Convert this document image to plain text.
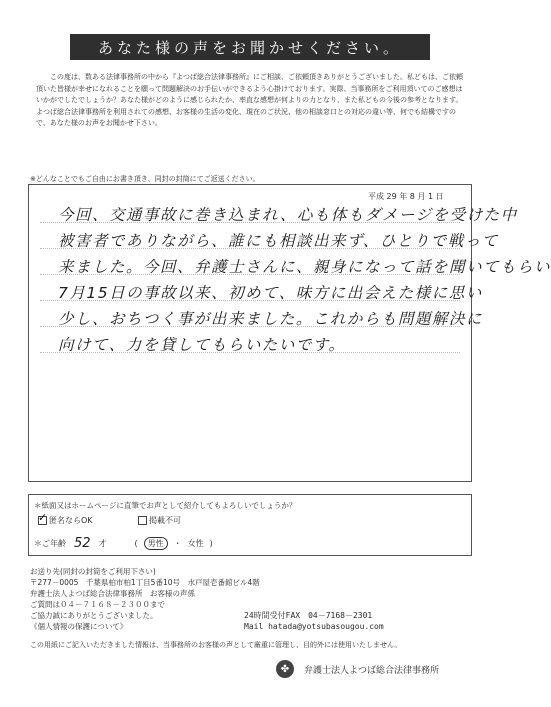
あなた様の声をお聞かせください。
この度は、数ある法律事務所の中から『よつば総合法律事務所』にご相談、ご依頼頂きありがとうございました。私どもは、ご依頼頂いた皆様が幸せになれることを願って問題解決のお手伝いができるよう心掛けております。実際、当事務所をご利用頂いてのご感想はいかがでしたでしょうか？あなた様がどのように感じられたか、率直な感想が何よりの力となり、また私どもの今後の参考となります。よつば総合法律事務所を利用されての感想、お客様の生活の変化、現在のご状況、他の相談窓口との対応の違い等、何でも結構ですので、あなた様のお声をお聞かせ下さい。
※どんなことでもご自由にお書き頂き、同封の封筒にてご返送ください。
平成 29 年 8 月 1 日
今回、交通事故に巻き込まれ、心も体もダメージを受けた中
被害者でありながら、誰にも相談出来ず、ひとりで戦って
来ました。今回、弁護士さんに、親身になって話を聞いてもらい
7月15日の事故以来、初めて、味方に出会えた様に思い
少し、おちつく事が出来ました。これからも問題解決に
向けて、力を貸してもらいたいです。
＊紙面又はホームページに直筆でお声として紹介してもよろしいでしょうか？
✓
匿名ならOK	掲載不可
＊ご年齢 52 才	(	男性	・ 女性 )
お送り先(同封の封筒をご利用下さい)
〒277－0005　千葉県柏市柏1丁目5番10号　水戸屋壱番館ビル4階
弁護士法人よつば総合法律事務所　お客様の声係
ご質問は０４－７１６８－２３００まで
ご協力誠にありがとうございました。
《個人情報の保護について》
24時間受付FAX　04－7168－2301
Mail hatada@yotsubasougou.com
この用紙にご記入いただきました情報は、当事務所のお客様の声として厳重に管理し、目的外には使用いたしません。
✤	弁護士法人よつば総合法律事務所
